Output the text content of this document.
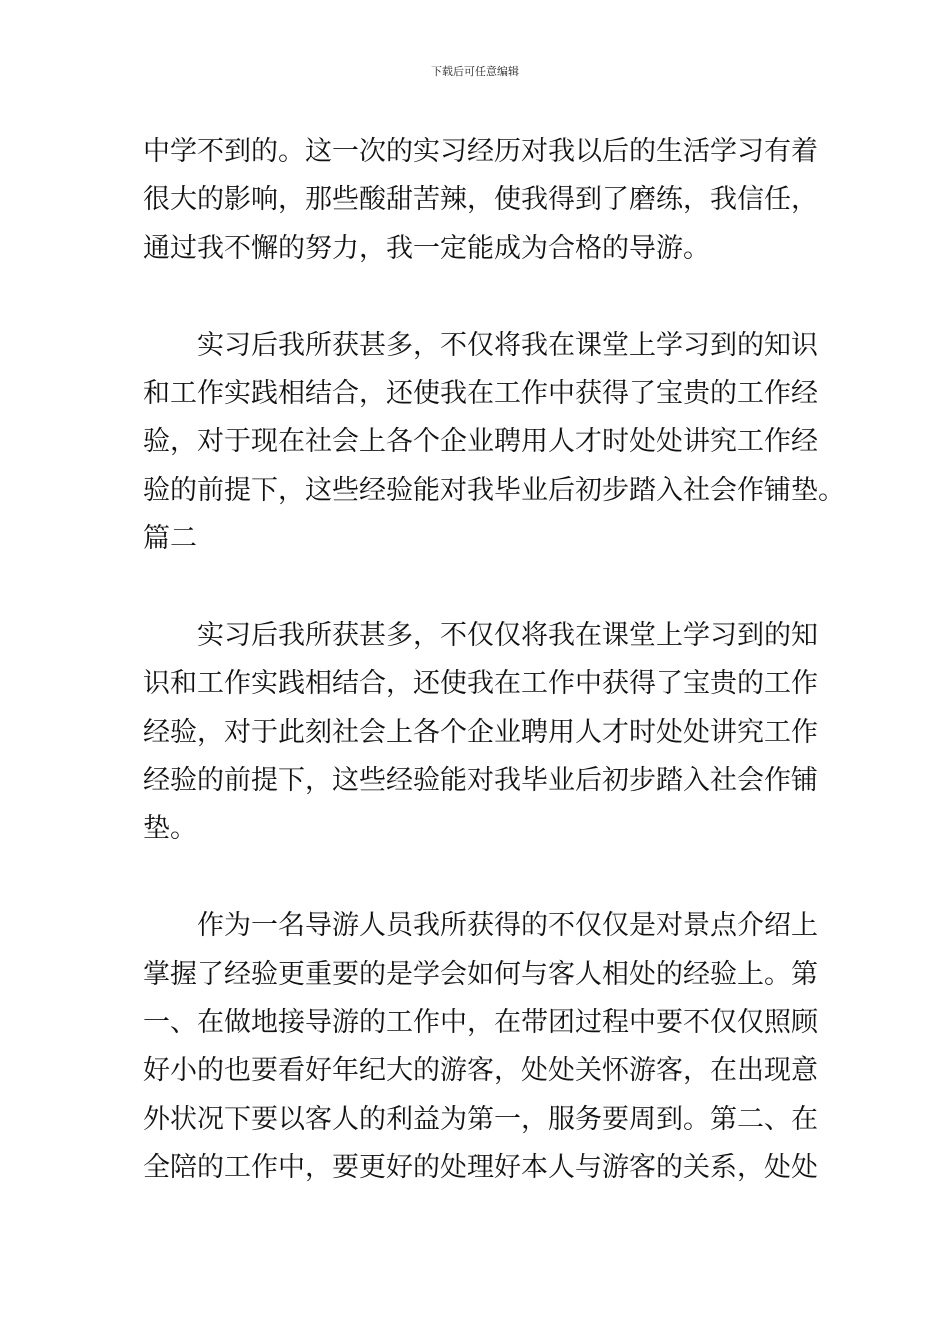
下载后可任意编辑
中学不到的。这一次的实习经历对我以后的生活学习有着
很大的影响，那些酸甜苦辣，使我得到了磨练，我信任，
通过我不懈的努力，我一定能成为合格的导游。
　　实习后我所获甚多，不仅将我在课堂上学习到的知识
和工作实践相结合，还使我在工作中获得了宝贵的工作经
验，对于现在社会上各个企业聘用人才时处处讲究工作经
验的前提下，这些经验能对我毕业后初步踏入社会作铺垫。
篇二
　　实习后我所获甚多，不仅仅将我在课堂上学习到的知
识和工作实践相结合，还使我在工作中获得了宝贵的工作
经验，对于此刻社会上各个企业聘用人才时处处讲究工作
经验的前提下，这些经验能对我毕业后初步踏入社会作铺
垫。
　　作为一名导游人员我所获得的不仅仅是对景点介绍上
掌握了经验更重要的是学会如何与客人相处的经验上。第
一、在做地接导游的工作中，在带团过程中要不仅仅照顾
好小的也要看好年纪大的游客，处处关怀游客，在出现意
外状况下要以客人的利益为第一，服务要周到。第二、在
全陪的工作中，要更好的处理好本人与游客的关系，处处
